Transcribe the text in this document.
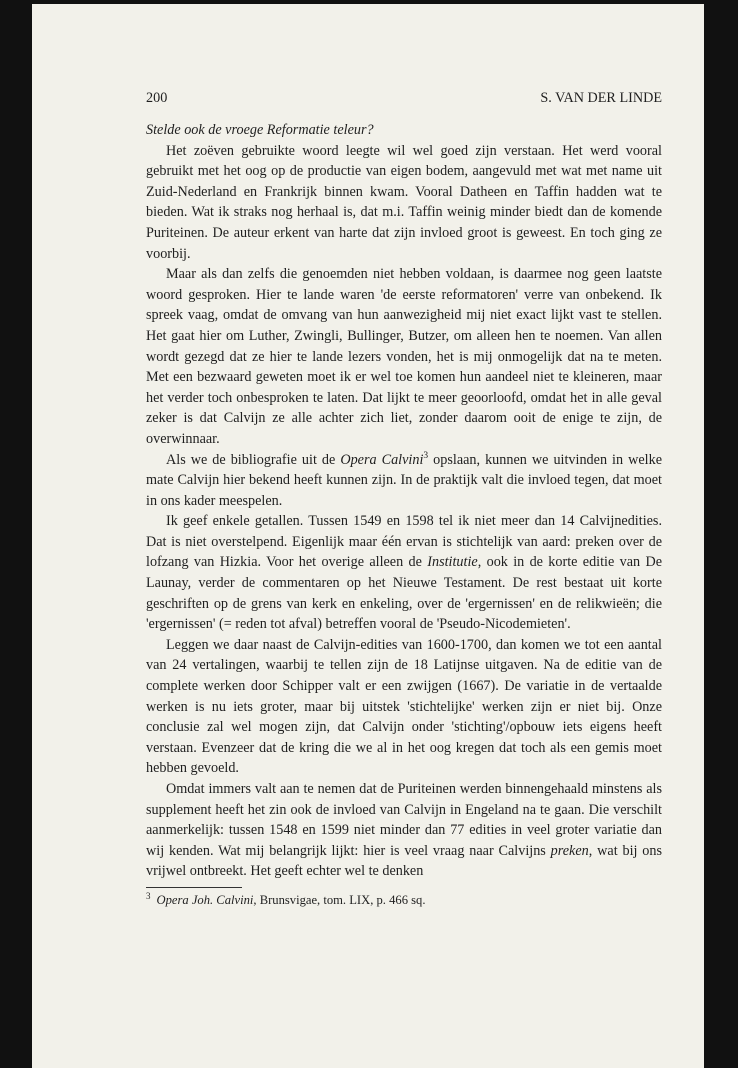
200	S. VAN DER LINDE

Stelde ook de vroege Reformatie teleur?

Het zoëven gebruikte woord leegte wil wel goed zijn verstaan. Het werd vooral gebruikt met het oog op de productie van eigen bodem, aangevuld met wat met name uit Zuid-Nederland en Frankrijk binnen kwam. Vooral Datheen en Taffin hadden wat te bieden. Wat ik straks nog herhaal is, dat m.i. Taffin weinig minder biedt dan de komende Puriteinen. De auteur erkent van harte dat zijn invloed groot is geweest. En toch ging ze voorbij.

Maar als dan zelfs die genoemden niet hebben voldaan, is daarmee nog geen laatste woord gesproken. Hier te lande waren 'de eerste reformatoren' verre van onbekend. Ik spreek vaag, omdat de omvang van hun aanwezigheid mij niet exact lijkt vast te stellen. Het gaat hier om Luther, Zwingli, Bullinger, Butzer, om alleen hen te noemen. Van allen wordt gezegd dat ze hier te lande lezers vonden, het is mij onmogelijk dat na te meten. Met een bezwaard geweten moet ik er wel toe komen hun aandeel niet te kleineren, maar het verder toch onbesproken te laten. Dat lijkt te meer geoorloofd, omdat het in alle geval zeker is dat Calvijn ze alle achter zich liet, zonder daarom ooit de enige te zijn, de overwinnaar.

Als we de bibliografie uit de Opera Calvini$^3$ opslaan, kunnen we uitvinden in welke mate Calvijn hier bekend heeft kunnen zijn. In de praktijk valt die invloed tegen, dat moet in ons kader meespelen.

Ik geef enkele getallen. Tussen 1549 en 1598 tel ik niet meer dan 14 Calvijnedities. Dat is niet overstelpend. Eigenlijk maar één ervan is stichtelijk van aard: preken over de lofzang van Hizkia. Voor het overige alleen de Institutie, ook in de korte editie van De Launay, verder de commentaren op het Nieuwe Testament. De rest bestaat uit korte geschriften op de grens van kerk en enkeling, over de 'ergernissen' en de relikwieën; die 'ergernissen' (= reden tot afval) betreffen vooral de 'Pseudo-Nicodemieten'.

Leggen we daar naast de Calvijn-edities van 1600-1700, dan komen we tot een aantal van 24 vertalingen, waarbij te tellen zijn de 18 Latijnse uitgaven. Na de editie van de complete werken door Schipper valt er een zwijgen (1667). De variatie in de vertaalde werken is nu iets groter, maar bij uitstek 'stichtelijke' werken zijn er niet bij. Onze conclusie zal wel mogen zijn, dat Calvijn onder 'stichting'/opbouw iets eigens heeft verstaan. Evenzeer dat de kring die we al in het oog kregen dat toch als een gemis moet hebben gevoeld.

Omdat immers valt aan te nemen dat de Puriteinen werden binnengehaald minstens als supplement heeft het zin ook de invloed van Calvijn in Engeland na te gaan. Die verschilt aanmerkelijk: tussen 1548 en 1599 niet minder dan 77 edities in veel groter variatie dan wij kenden. Wat mij belangrijk lijkt: hier is veel vraag naar Calvijns preken, wat bij ons vrijwel ontbreekt. Het geeft echter wel te denken

$^3$ Opera Joh. Calvini, Brunsvigae, tom. LIX, p. 466 sq.
